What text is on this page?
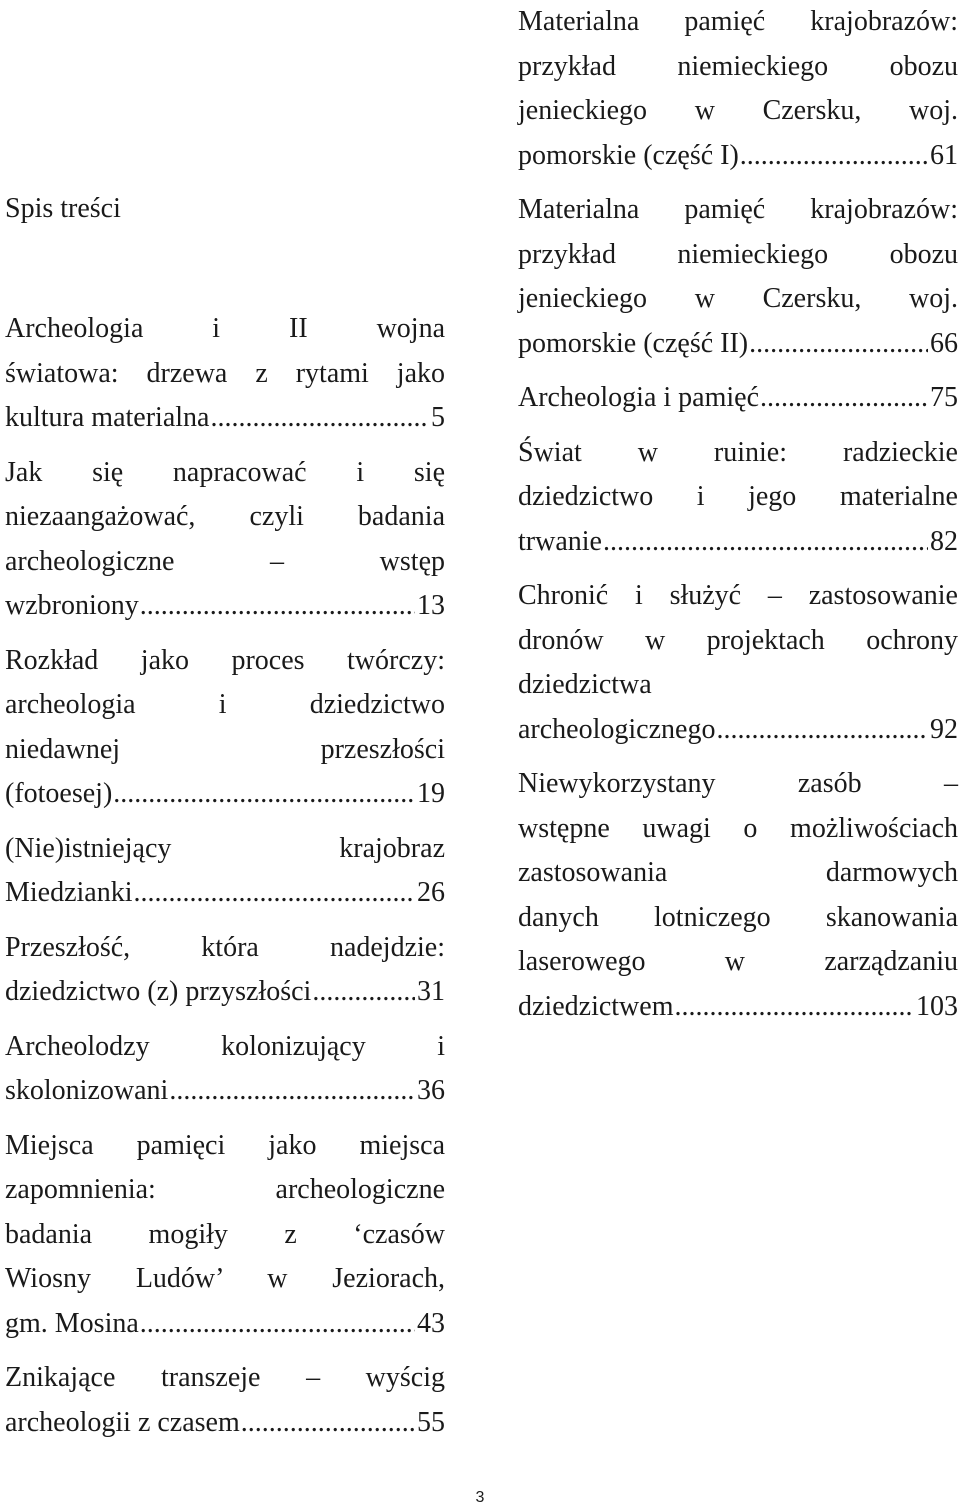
Spis treści
Archeologia i II wojna
światowa: drzewa z rytami jako
kultura materialna .....	5
Jak się napracować i się
niezaangażować, czyli badania
archeologiczne – wstęp
wzbroniony .....	13
Rozkład jako proces twórczy:
archeologia i dziedzictwo
niedawnej przeszłości
(fotoesej) .....	19
(Nie)istniejący krajobraz
Miedzianki .....	26
Przeszłość, która nadejdzie:
dziedzictwo (z) przyszłości .....	31
Archeolodzy kolonizujący i
skolonizowani .....	36
Miejsca pamięci jako miejsca
zapomnienia: archeologiczne
badania mogiły z ‘czasów
Wiosny Ludów’ w Jeziorach,
gm. Mosina .....	43
Znikające transzeje – wyścig
archeologii z czasem .....	55
Materialna pamięć krajobrazów:
przykład niemieckiego obozu
jenieckiego w Czersku, woj.
pomorskie (część I) .....	61
Materialna pamięć krajobrazów:
przykład niemieckiego obozu
jenieckiego w Czersku, woj.
pomorskie (część II) .....	66
Archeologia i pamięć .....	75
Świat w ruinie: radzieckie
dziedzictwo i jego materialne
trwanie .....	82
Chronić i służyć – zastosowanie
dronów w projektach ochrony
dziedzictwa
archeologicznego .....	92
Niewykorzystany zasób –
wstępne uwagi o możliwościach
zastosowania darmowych
danych lotniczego skanowania
laserowego w zarządzaniu
dziedzictwem .....	103
3
